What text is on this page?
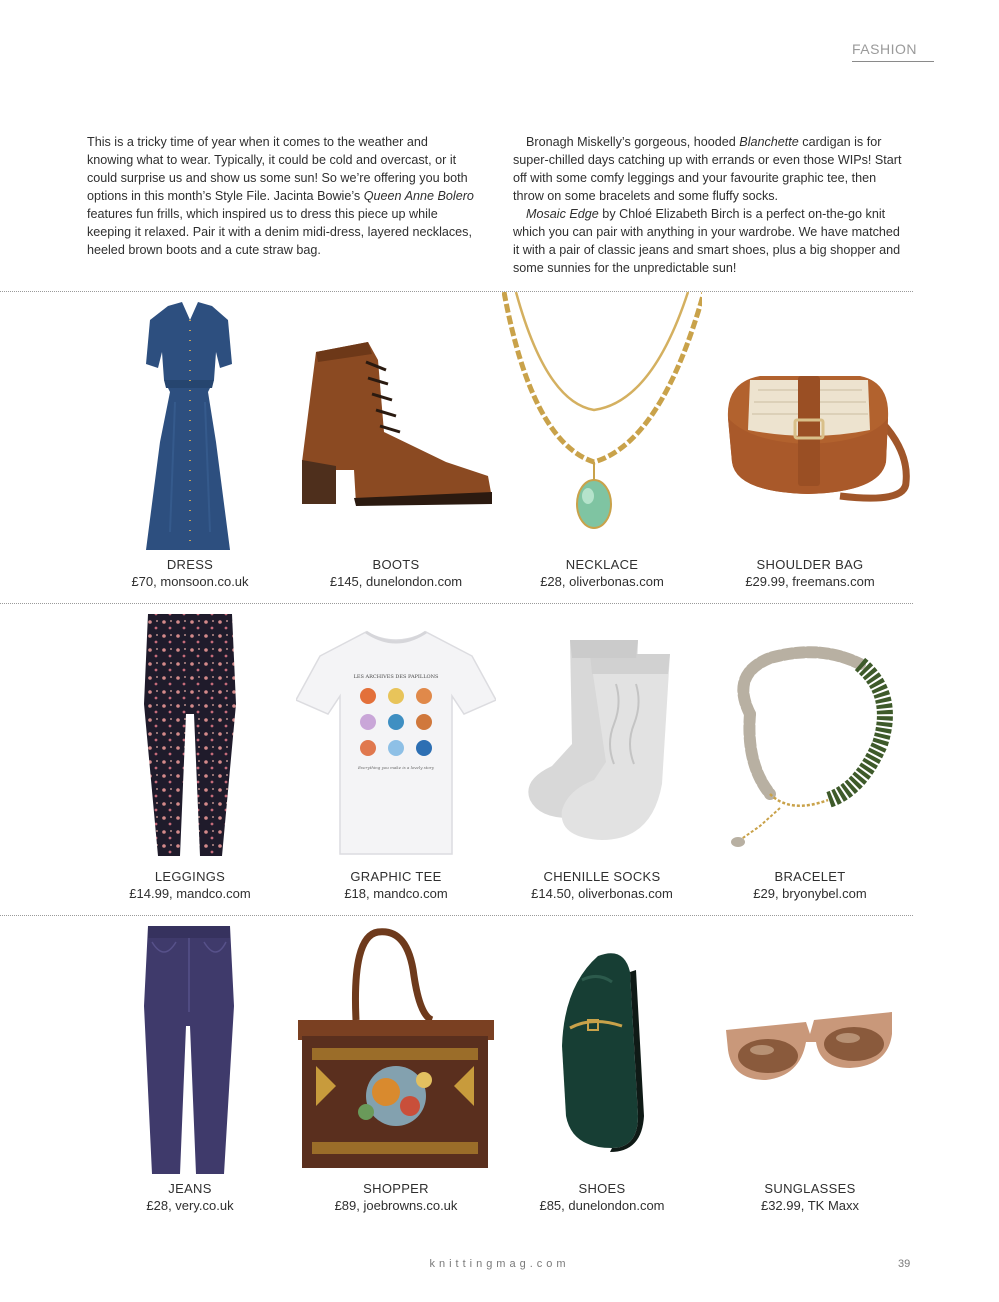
FASHION

This is a tricky time of year when it comes to the weather and knowing what to wear. Typically, it could be cold and overcast, or it could surprise us and show us some sun! So we’re offering you both options in this month’s Style File. Jacinta Bowie’s Queen Anne Bolero features fun frills, which inspired us to dress this piece up while keeping it relaxed. Pair it with a denim midi-dress, layered necklaces, heeled brown boots and a cute straw bag.

Bronagh Miskelly’s gorgeous, hooded Blanchette cardigan is for super-chilled days catching up with errands or even those WIPs! Start off with some comfy leggings and your favourite graphic tee, then throw on some bracelets and some fluffy socks.

Mosaic Edge by Chloé Elizabeth Birch is a perfect on-the-go knit which you can pair with anything in your wardrobe. We have matched it with a pair of classic jeans and smart shoes, plus a big shopper and some sunnies for the unpredictable sun!

DRESS
£70, monsoon.co.uk
BOOTS
£145, dunelondon.com
NECKLACE
£28, oliverbonas.com
SHOULDER BAG
£29.99, freemans.com
LEGGINGS
£14.99, mandco.com
LES ARCHIVES DES PAPILLONS
Everything you make is a lovely story
GRAPHIC TEE
£18, mandco.com
CHENILLE SOCKS
£14.50, oliverbonas.com
BRACELET
£29, bryonybel.com
JEANS
£28, very.co.uk
SHOPPER
£89, joebrowns.co.uk
SHOES
£85, dunelondon.com
SUNGLASSES
£32.99, TK Maxx
knittingmag.com	39
